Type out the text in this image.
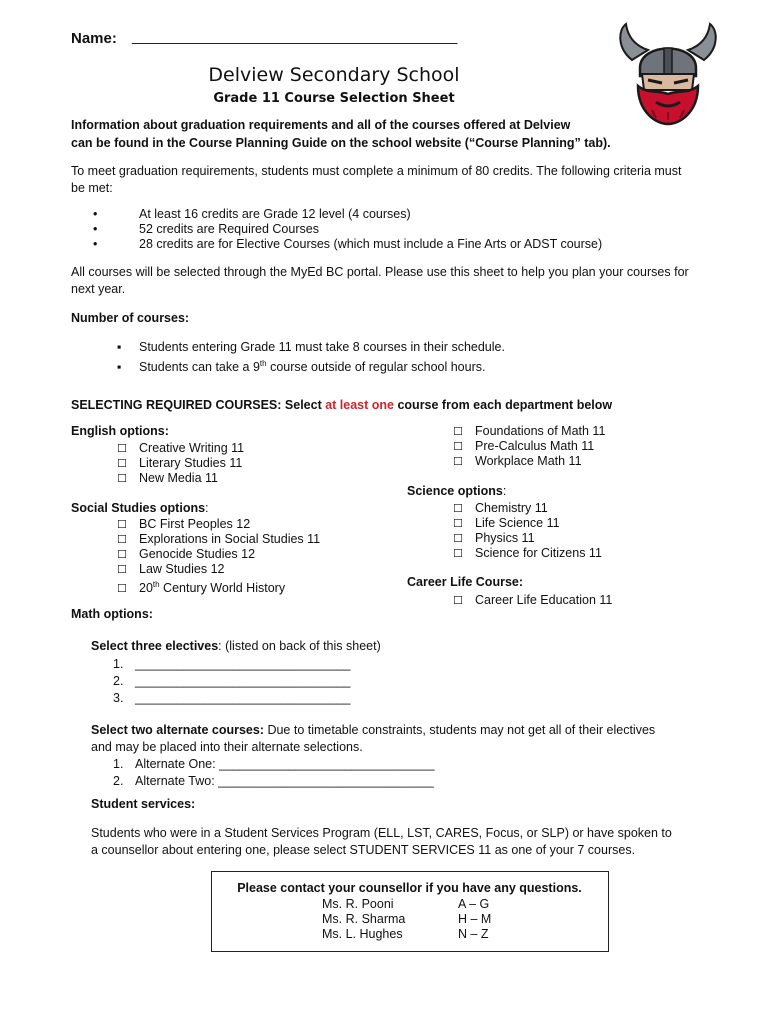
Name: _______________________________________
Delview Secondary School
Grade 11 Course Selection Sheet
Information about graduation requirements and all of the courses offered at Delview
can be found in the Course Planning Guide on the school website (“Course Planning” tab).
To meet graduation requirements, students must complete a minimum of 80 credits. The following criteria must
be met:
•	At least 16 credits are Grade 12 level (4 courses)
•	52 credits are Required Courses
•	28 credits are for Elective Courses (which must include a Fine Arts or ADST course)
All courses will be selected through the MyEd BC portal. Please use this sheet to help you plan your courses for
next year.
Number of courses:
▪ Students entering Grade 11 must take 8 courses in their schedule.
▪ Students can take a 9th course outside of regular school hours.
SELECTING REQUIRED COURSES: Select at least one course from each department below
English options:
☐ Creative Writing 11
☐ Literary Studies 11
☐ New Media 11
Social Studies options:
☐ BC First Peoples 12
☐ Explorations in Social Studies 11
☐ Genocide Studies 12
☐ Law Studies 12
☐ 20th Century World History
Math options:
☐ Foundations of Math 11
☐ Pre-Calculus Math 11
☐ Workplace Math 11
Science options:
☐ Chemistry 11
☐ Life Science 11
☐ Physics 11
☐ Science for Citizens 11
Career Life Course:
☐ Career Life Education 11
Select three electives: (listed on back of this sheet)
1. _______________________________
2. _______________________________
3. _______________________________
Select two alternate courses: Due to timetable constraints, students may not get all of their electives
and may be placed into their alternate selections.
1. Alternate One: _______________________________
2. Alternate Two: _______________________________
Student services:
Students who were in a Student Services Program (ELL, LST, CARES, Focus, or SLP) or have spoken to
a counsellor about entering one, please select STUDENT SERVICES 11 as one of your 7 courses.
Please contact your counsellor if you have any questions.
Ms. R. Pooni	A – G
Ms. R. Sharma	H – M
Ms. L. Hughes	N – Z
